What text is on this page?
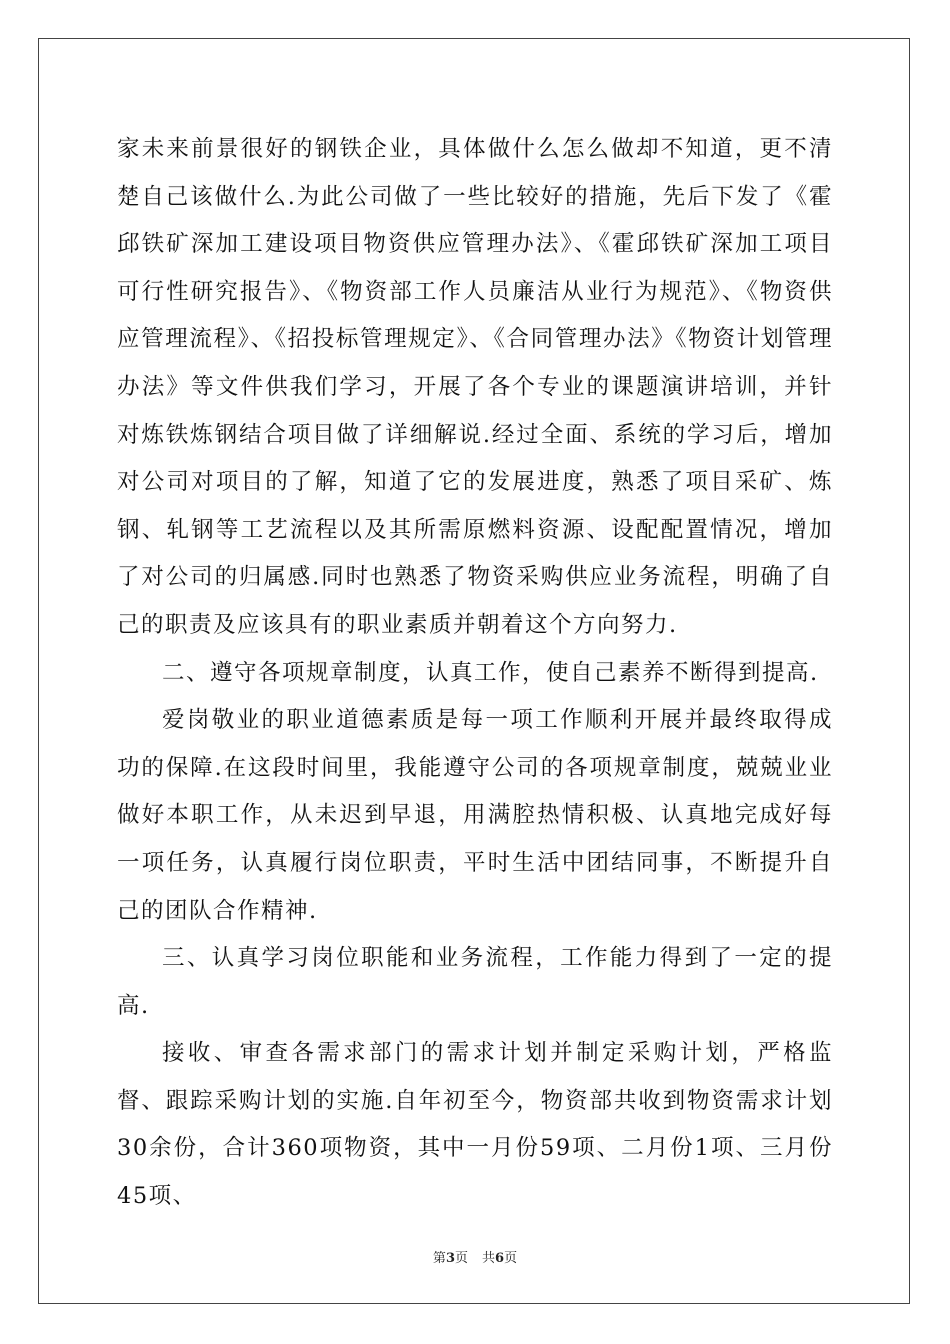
家未来前景很好的钢铁企业，具体做什么怎么做却不知道，更不清楚自己该做什么.为此公司做了一些比较好的措施，先后下发了《霍邱铁矿深加工建设项目物资供应管理办法》、《霍邱铁矿深加工项目可行性研究报告》、《物资部工作人员廉洁从业行为规范》、《物资供应管理流程》、《招投标管理规定》、《合同管理办法》《物资计划管理办法》等文件供我们学习，开展了各个专业的课题演讲培训，并针对炼铁炼钢结合项目做了详细解说.经过全面、系统的学习后，增加对公司对项目的了解，知道了它的发展进度，熟悉了项目采矿、炼钢、轧钢等工艺流程以及其所需原燃料资源、设配配置情况，增加了对公司的归属感.同时也熟悉了物资采购供应业务流程，明确了自己的职责及应该具有的职业素质并朝着这个方向努力.

二、遵守各项规章制度，认真工作，使自己素养不断得到提高.

爱岗敬业的职业道德素质是每一项工作顺利开展并最终取得成功的保障.在这段时间里，我能遵守公司的各项规章制度，兢兢业业做好本职工作，从未迟到早退，用满腔热情积极、认真地完成好每一项任务，认真履行岗位职责，平时生活中团结同事，不断提升自己的团队合作精神.

三、认真学习岗位职能和业务流程，工作能力得到了一定的提高.

接收、审查各需求部门的需求计划并制定采购计划，严格监督、跟踪采购计划的实施.自年初至今，物资部共收到物资需求计划30余份，合计360项物资，其中一月份59项、二月份1项、三月份45项、

第3页 共6页
